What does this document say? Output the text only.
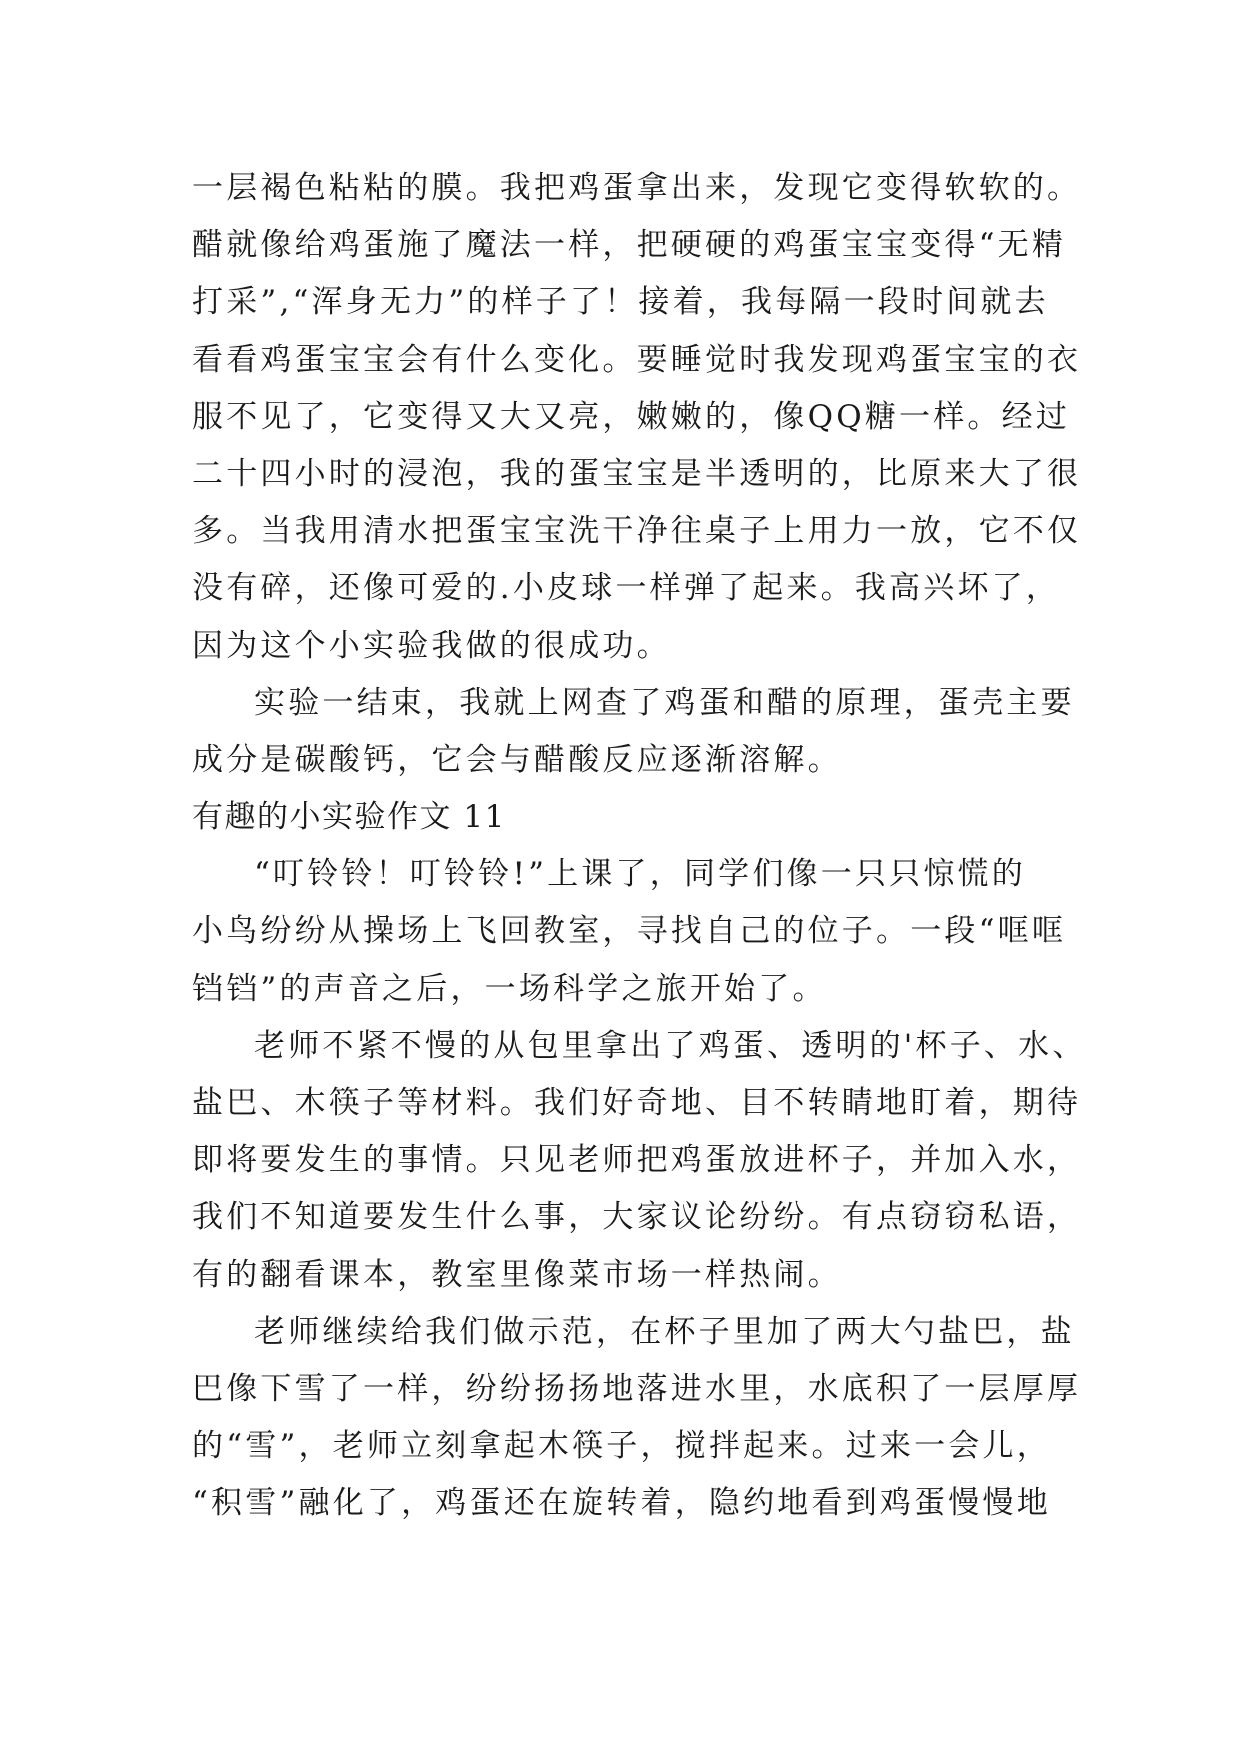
一层褐色粘粘的膜。我把鸡蛋拿出来，发现它变得软软的。
醋就像给鸡蛋施了魔法一样，把硬硬的鸡蛋宝宝变得“无精
打采”,“浑身无力”的样子了！接着，我每隔一段时间就去
看看鸡蛋宝宝会有什么变化。要睡觉时我发现鸡蛋宝宝的衣
服不见了，它变得又大又亮，嫩嫩的，像QQ糖一样。经过
二十四小时的浸泡，我的蛋宝宝是半透明的，比原来大了很
多。当我用清水把蛋宝宝洗干净往桌子上用力一放，它不仅
没有碎，还像可爱的.小皮球一样弹了起来。我高兴坏了，
因为这个小实验我做的很成功。
实验一结束，我就上网查了鸡蛋和醋的原理，蛋壳主要
成分是碳酸钙，它会与醋酸反应逐渐溶解。
有趣的小实验作文 11
“叮铃铃！叮铃铃!”上课了，同学们像一只只惊慌的
小鸟纷纷从操场上飞回教室，寻找自己的位子。一段“哐哐
铛铛”的声音之后，一场科学之旅开始了。
老师不紧不慢的从包里拿出了鸡蛋、透明的'杯子、水、
盐巴、木筷子等材料。我们好奇地、目不转睛地盯着，期待
即将要发生的事情。只见老师把鸡蛋放进杯子，并加入水，
我们不知道要发生什么事，大家议论纷纷。有点窃窃私语，
有的翻看课本，教室里像菜市场一样热闹。
老师继续给我们做示范，在杯子里加了两大勺盐巴，盐
巴像下雪了一样，纷纷扬扬地落进水里，水底积了一层厚厚
的“雪”，老师立刻拿起木筷子，搅拌起来。过来一会儿，
“积雪”融化了，鸡蛋还在旋转着，隐约地看到鸡蛋慢慢地
